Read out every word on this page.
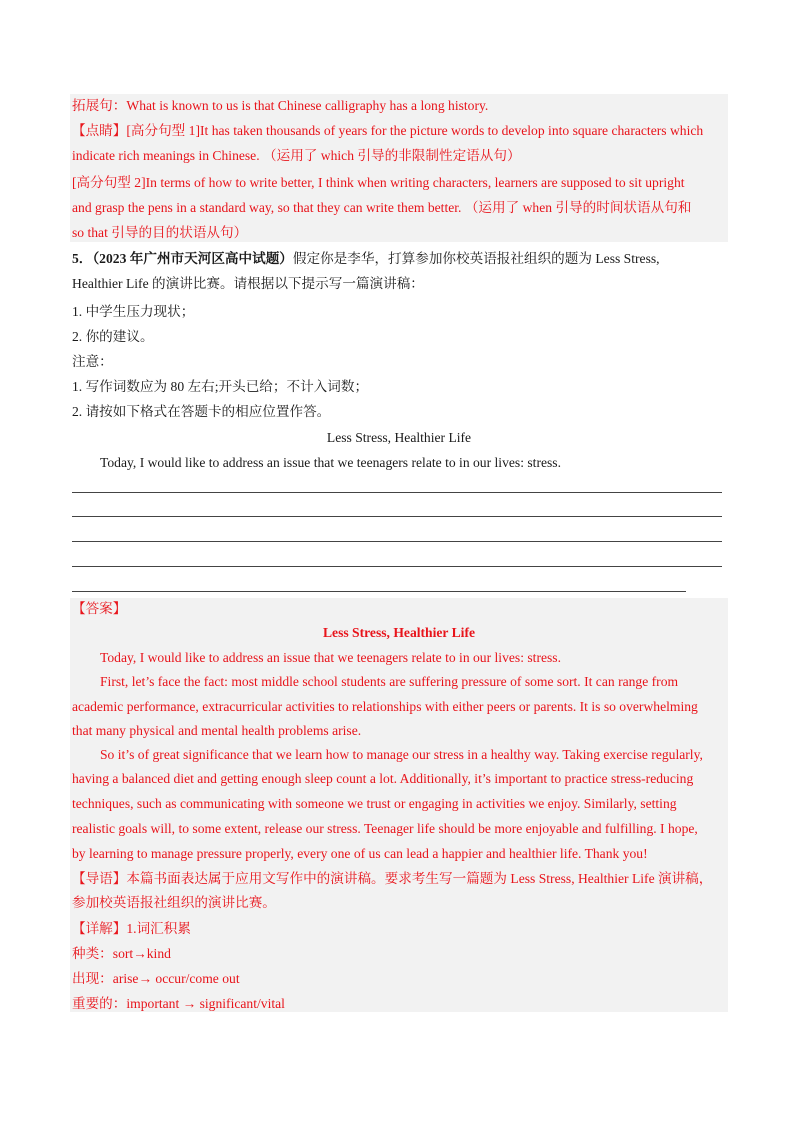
拓展句：What is known to us is that Chinese calligraphy has a long history.
【点睛】[高分句型 1]It has taken thousands of years for the picture words to develop into square characters which
indicate rich meanings in Chinese. （运用了 which 引导的非限制性定语从句）
[高分句型 2]In terms of how to write better, I think when writing characters, learners are supposed to sit upright
and grasp the pens in a standard way, so that they can write them better. （运用了 when 引导的时间状语从句和
so that 引导的目的状语从句）
5．（2023 年广州市天河区高中试题）假定你是李华，打算参加你校英语报社组织的题为 Less Stress,
Healthier Life 的演讲比赛。请根据以下提示写一篇演讲稿：
1. 中学生压力现状；
2. 你的建议。
注意：
1. 写作词数应为 80 左右;开头已给；不计入词数；
2. 请按如下格式在答题卡的相应位置作答。
Less Stress, Healthier Life
Today, I would like to address an issue that we teenagers relate to in our lives: stress.
【答案】
Less Stress, Healthier Life
Today, I would like to address an issue that we teenagers relate to in our lives: stress.
First, let’s face the fact: most middle school students are suffering pressure of some sort. It can range from
academic performance, extracurricular activities to relationships with either peers or parents. It is so overwhelming
that many physical and mental health problems arise.
So it’s of great significance that we learn how to manage our stress in a healthy way. Taking exercise regularly,
having a balanced diet and getting enough sleep count a lot. Additionally, it’s important to practice stress-reducing
techniques, such as communicating with someone we trust or engaging in activities we enjoy. Similarly, setting
realistic goals will, to some extent, release our stress. Teenager life should be more enjoyable and fulfilling. I hope,
by learning to manage pressure properly, every one of us can lead a happier and healthier life. Thank you!
【导语】本篇书面表达属于应用文写作中的演讲稿。要求考生写一篇题为 Less Stress, Healthier Life 演讲稿，
参加校英语报社组织的演讲比赛。
【详解】1.词汇积累
种类：sort→kind
出现：arise→ occur/come out
重要的：important → significant/vital
